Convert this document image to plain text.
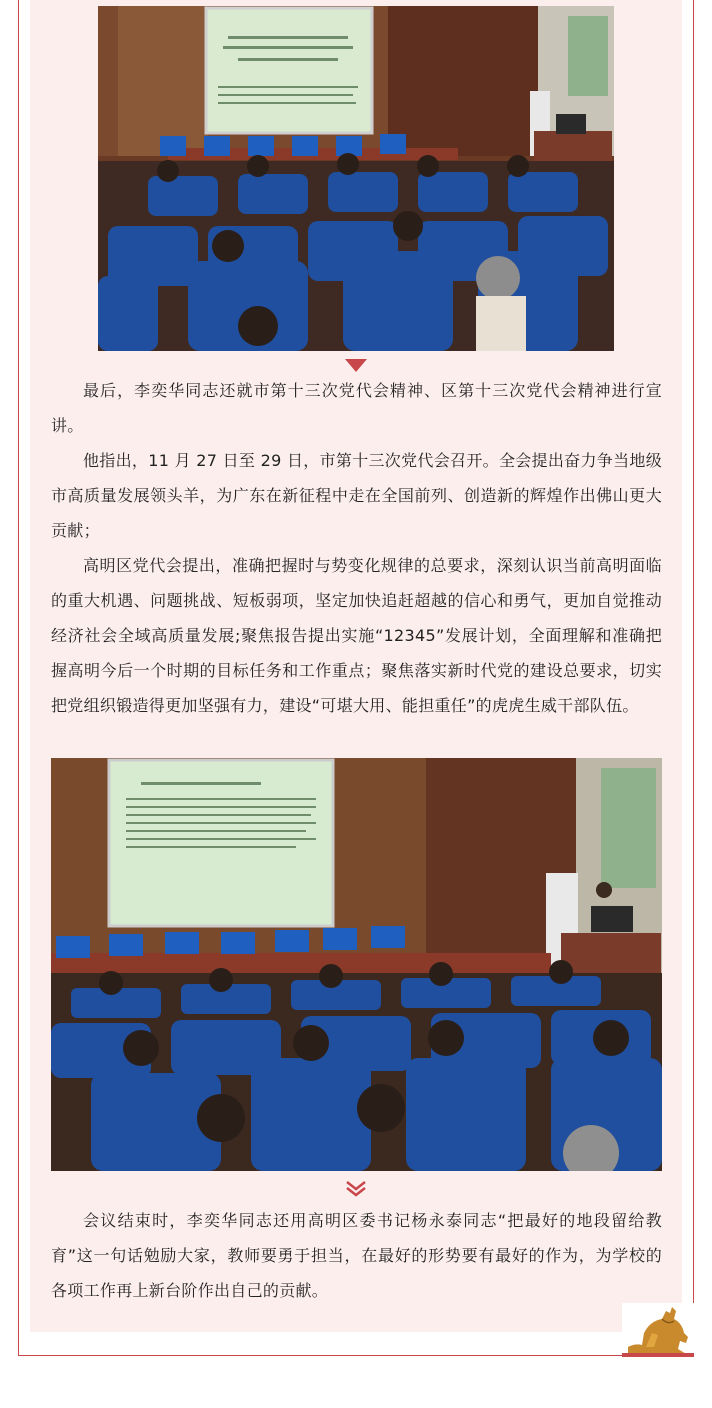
最后，李奕华同志还就市第十三次党代会精神、区第十三次党代会精神进行宣讲。

他指出，11 月 27 日至 29 日，市第十三次党代会召开。全会提出奋力争当地级市高质量发展领头羊，为广东在新征程中走在全国前列、创造新的辉煌作出佛山更大贡献；

高明区党代会提出，准确把握时与势变化规律的总要求，深刻认识当前高明面临的重大机遇、问题挑战、短板弱项，坚定加快追赶超越的信心和勇气，更加自觉推动经济社会全域高质量发展;聚焦报告提出实施“12345”发展计划，全面理解和准确把握高明今后一个时期的目标任务和工作重点；聚焦落实新时代党的建设总要求，切实把党组织锻造得更加坚强有力，建设“可堪大用、能担重任”的虎虎生威干部队伍。

会议结束时，李奕华同志还用高明区委书记杨永泰同志“把最好的地段留给教育”这一句话勉励大家，教师要勇于担当，在最好的形势要有最好的作为，为学校的各项工作再上新台阶作出自己的贡献。
